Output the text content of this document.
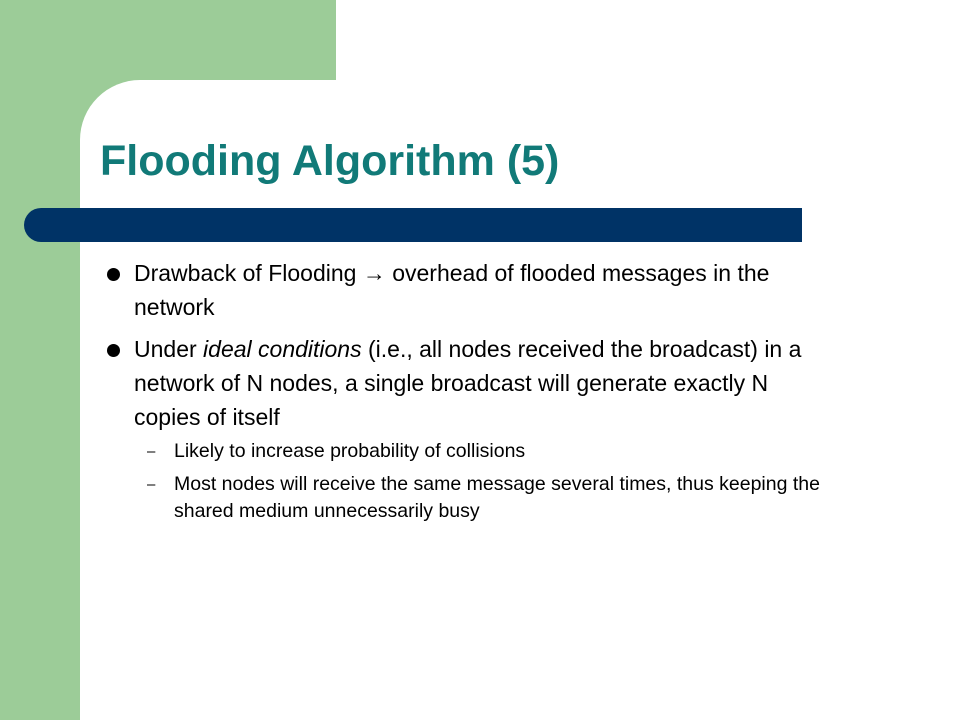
Flooding Algorithm (5)
Drawback of Flooding → overhead of flooded messages in the network
Under ideal conditions (i.e., all nodes received the broadcast) in a network of N nodes, a single broadcast will generate exactly N copies of itself
– Likely to increase probability of collisions
– Most nodes will receive the same message several times, thus keeping the shared medium unnecessarily busy
